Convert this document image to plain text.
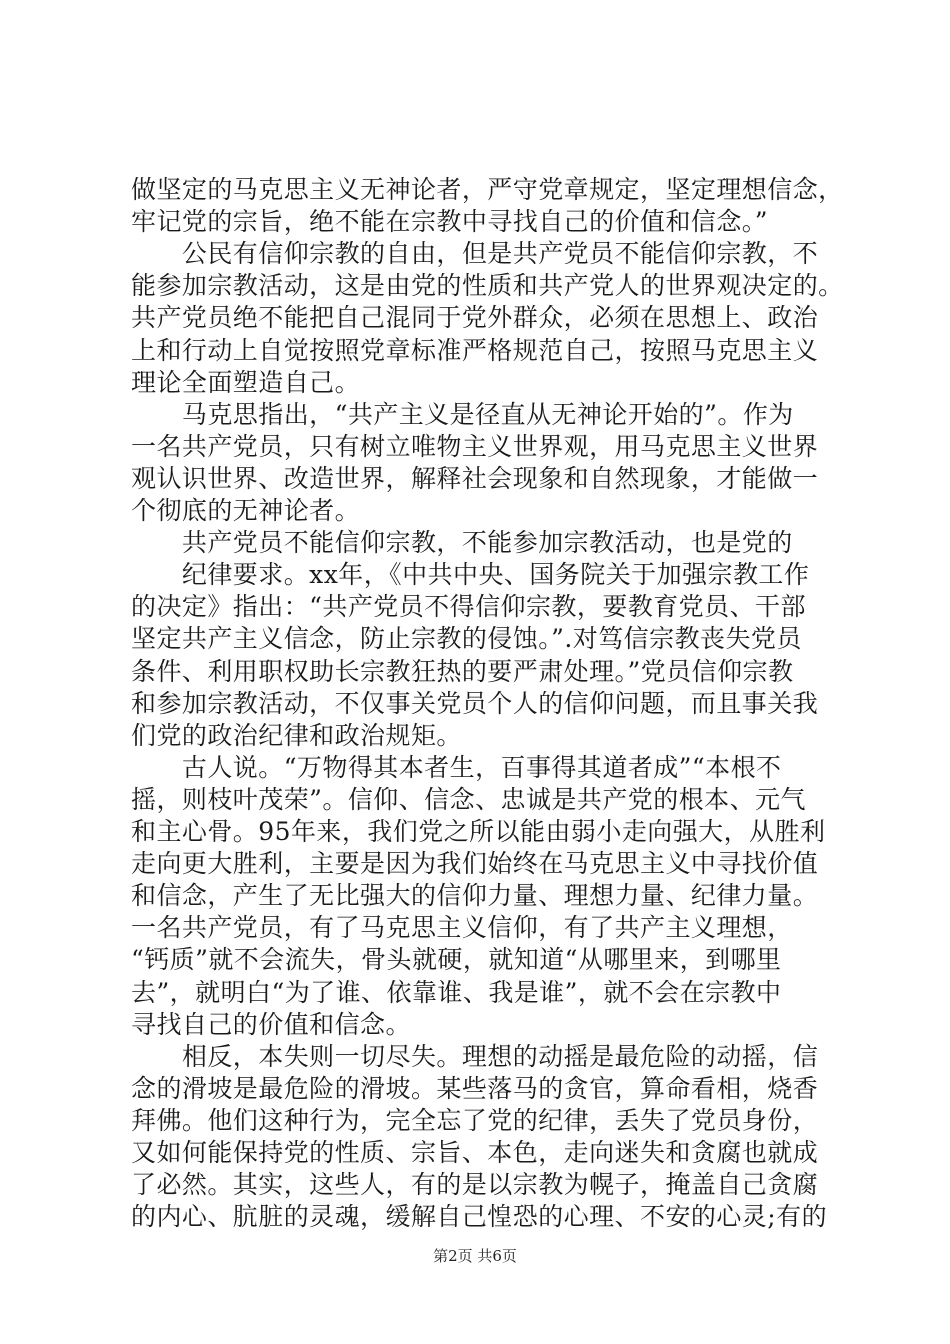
做坚定的马克思主义无神论者，严守党章规定，坚定理想信念，
牢记党的宗旨，绝不能在宗教中寻找自己的价值和信念。”
　　公民有信仰宗教的自由，但是共产党员不能信仰宗教，不
能参加宗教活动，这是由党的性质和共产党人的世界观决定的。
共产党员绝不能把自己混同于党外群众，必须在思想上、政治
上和行动上自觉按照党章标准严格规范自己，按照马克思主义
理论全面塑造自己。
　　马克思指出，“共产主义是径直从无神论开始的”。作为
一名共产党员，只有树立唯物主义世界观，用马克思主义世界
观认识世界、改造世界，解释社会现象和自然现象，才能做一
个彻底的无神论者。
　　共产党员不能信仰宗教，不能参加宗教活动，也是党的
　　纪律要求。xx年，《中共中央、国务院关于加强宗教工作
的决定》指出：“共产党员不得信仰宗教，要教育党员、干部
坚定共产主义信念，防止宗教的侵蚀。”.对笃信宗教丧失党员
条件、利用职权助长宗教狂热的要严肃处理。”党员信仰宗教
和参加宗教活动，不仅事关党员个人的信仰问题，而且事关我
们党的政治纪律和政治规矩。
　　古人说。“万物得其本者生，百事得其道者成”“本根不
摇，则枝叶茂荣”。信仰、信念、忠诚是共产党的根本、元气
和主心骨。95年来，我们党之所以能由弱小走向强大，从胜利
走向更大胜利，主要是因为我们始终在马克思主义中寻找价值
和信念，产生了无比强大的信仰力量、理想力量、纪律力量。
一名共产党员，有了马克思主义信仰，有了共产主义理想，
“钙质”就不会流失，骨头就硬，就知道“从哪里来，到哪里
去”，就明白“为了谁、依靠谁、我是谁”，就不会在宗教中
寻找自己的价值和信念。
　　相反，本失则一切尽失。理想的动摇是最危险的动摇，信
念的滑坡是最危险的滑坡。某些落马的贪官，算命看相，烧香
拜佛。他们这种行为，完全忘了党的纪律，丢失了党员身份，
又如何能保持党的性质、宗旨、本色，走向迷失和贪腐也就成
了必然。其实，这些人，有的是以宗教为幌子，掩盖自己贪腐
的内心、肮脏的灵魂，缓解自己惶恐的心理、不安的心灵;有的
第2页 共6页
